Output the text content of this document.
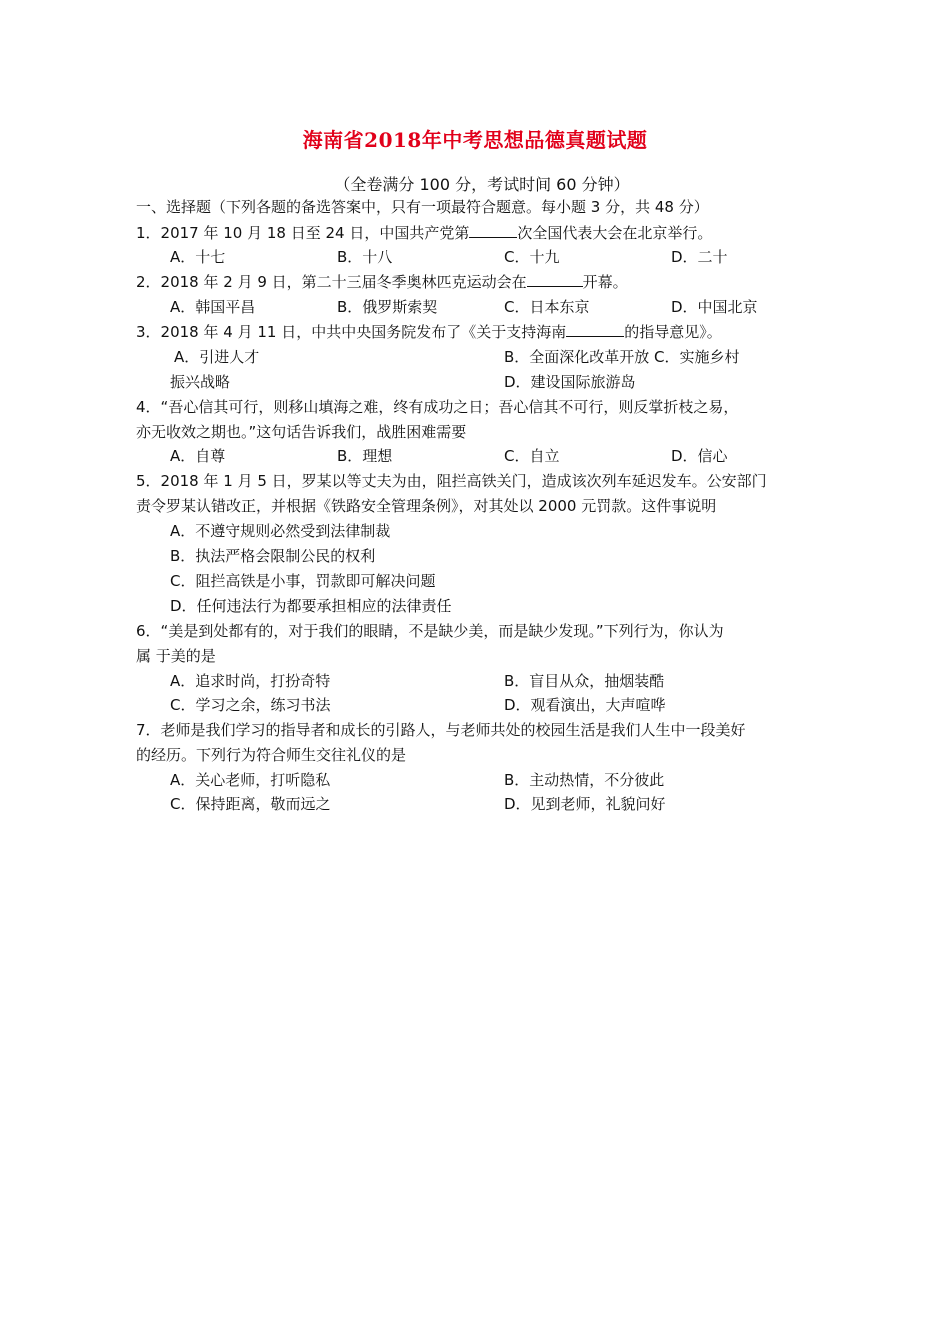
海南省2018年中考思想品德真题试题
（全卷满分 100 分，考试时间 60 分钟）
一、选择题（下列各题的备选答案中，只有一项最符合题意。每小题 3 分，共 48 分）
1．2017 年 10 月 18 日至 24 日，中国共产党第	次全国代表大会在北京举行。
A．十七	B．十八	C．十九	D．二十
2．2018 年 2 月 9 日，第二十三届冬季奥林匹克运动会在	开幕。
A．韩国平昌	B．俄罗斯索契	C．日本东京	D．中国北京
3．2018 年 4 月 11 日，中共中央国务院发布了《关于支持海南	的指导意见》。
A．引进人才	B．全面深化改革开放 C．实施乡村
振兴战略	D．建设国际旅游岛
4．“吾心信其可行，则移山填海之难，终有成功之日；吾心信其不可行，则反掌折枝之易，
亦无收效之期也。”这句话告诉我们，战胜困难需要
A．自尊	B．理想	C．自立	D．信心
5．2018 年 1 月 5 日，罗某以等丈夫为由，阻拦高铁关门，造成该次列车延迟发车。公安部门
责令罗某认错改正，并根据《铁路安全管理条例》，对其处以 2000 元罚款。这件事说明
A．不遵守规则必然受到法律制裁
B．执法严格会限制公民的权利
C．阻拦高铁是小事，罚款即可解决问题
D．任何违法行为都要承担相应的法律责任
6．“美是到处都有的，对于我们的眼睛，不是缺少美，而是缺少发现。”下列行为，你认为
属 于美的是
A．追求时尚，打扮奇特	B．盲目从众，抽烟装酷
C．学习之余，练习书法	D．观看演出，大声喧哗
7．老师是我们学习的指导者和成长的引路人，与老师共处的校园生活是我们人生中一段美好
的经历。下列行为符合师生交往礼仪的是
A．关心老师，打听隐私	B．主动热情，不分彼此
C．保持距离，敬而远之	D．见到老师，礼貌问好
